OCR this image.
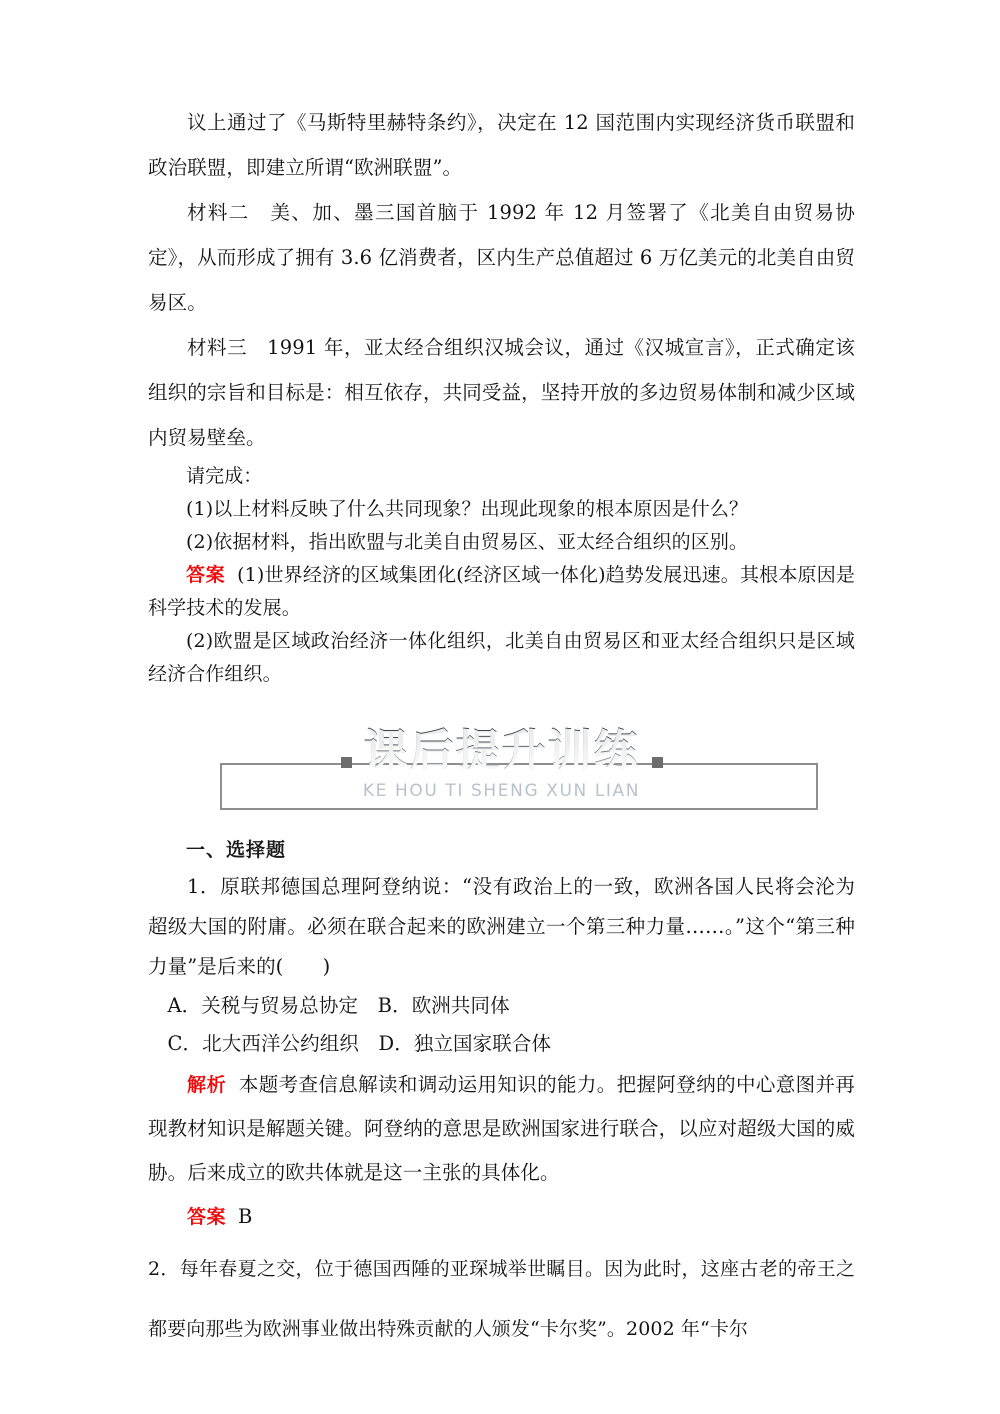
议上通过了《马斯特里赫特条约》，决定在 12 国范围内实现经济货币联盟和政治联盟，即建立所谓“欧洲联盟”。

材料二　美、加、墨三国首脑于 1992 年 12 月签署了《北美自由贸易协定》，从而形成了拥有 3.6 亿消费者，区内生产总值超过 6 万亿美元的北美自由贸易区。

材料三　1991 年，亚太经合组织汉城会议，通过《汉城宣言》，正式确定该组织的宗旨和目标是：相互依存，共同受益，坚持开放的多边贸易体制和减少区域内贸易壁垒。

请完成：

(1)以上材料反映了什么共同现象？出现此现象的根本原因是什么？

(2)依据材料，指出欧盟与北美自由贸易区、亚太经合组织的区别。

答案 (1)世界经济的区域集团化(经济区域一体化)趋势发展迅速。其根本原因是科学技术的发展。

(2)欧盟是区域政治经济一体化组织，北美自由贸易区和亚太经合组织只是区域经济合作组织。

课后提升训练
KE HOU TI SHENG XUN LIAN

一、选择题

1．原联邦德国总理阿登纳说：“没有政治上的一致，欧洲各国人民将会沦为超级大国的附庸。必须在联合起来的欧洲建立一个第三种力量……。”这个“第三种力量”是后来的(　　)

A．关税与贸易总协定　B．欧洲共同体

C．北大西洋公约组织　D．独立国家联合体

解析 本题考查信息解读和调动运用知识的能力。把握阿登纳的中心意图并再现教材知识是解题关键。阿登纳的意思是欧洲国家进行联合，以应对超级大国的威胁。后来成立的欧共体就是这一主张的具体化。

答案 B

2．每年春夏之交，位于德国西陲的亚琛城举世瞩目。因为此时，这座古老的帝王之都要向那些为欧洲事业做出特殊贡献的人颁发“卡尔奖”。2002 年“卡尔
